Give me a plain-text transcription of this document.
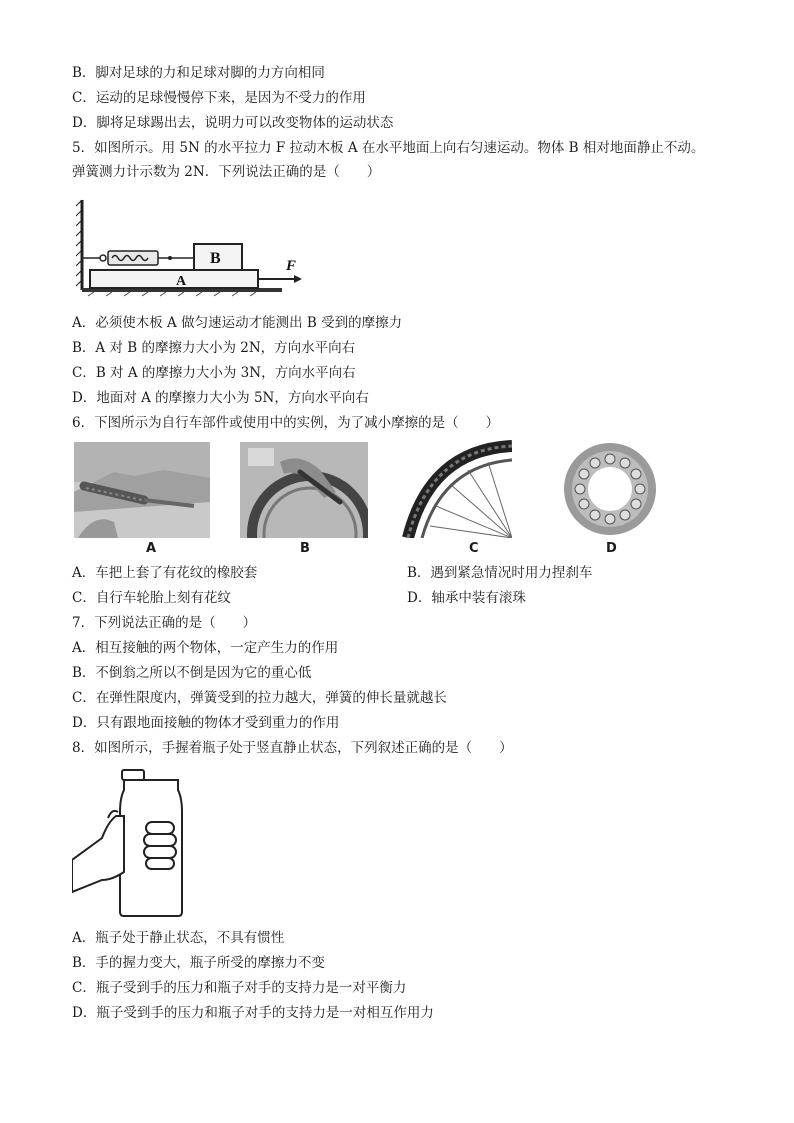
B．脚对足球的力和足球对脚的力方向相同
C．运动的足球慢慢停下来，是因为不受力的作用
D．脚将足球踢出去，说明力可以改变物体的运动状态
5．如图所示。用 5N 的水平拉力 F 拉动木板 A 在水平地面上向右匀速运动。物体 B 相对地面静止不动。
弹簧测力计示数为 2N．下列说法正确的是（　　）
A
B	F
A．必须使木板 A 做匀速运动才能测出 B 受到的摩擦力
B．A 对 B 的摩擦力大小为 2N，方向水平向右
C．B 对 A 的摩擦力大小为 3N，方向水平向右
D．地面对 A 的摩擦力大小为 5N，方向水平向右
6．下图所示为自行车部件或使用中的实例，为了减小摩擦的是（　　）
A	B	C	D
A．车把上套了有花纹的橡胶套	B．遇到紧急情况时用力捏刹车
C．自行车轮胎上刻有花纹	D．轴承中装有滚珠
7．下列说法正确的是（　　）
A．相互接触的两个物体，一定产生力的作用
B．不倒翁之所以不倒是因为它的重心低
C．在弹性限度内，弹簧受到的拉力越大，弹簧的伸长量就越长
D．只有跟地面接触的物体才受到重力的作用
8．如图所示，手握着瓶子处于竖直静止状态，下列叙述正确的是（　　）
A．瓶子处于静止状态，不具有惯性
B．手的握力变大，瓶子所受的摩擦力不变
C．瓶子受到手的压力和瓶子对手的支持力是一对平衡力
D．瓶子受到手的压力和瓶子对手的支持力是一对相互作用力
